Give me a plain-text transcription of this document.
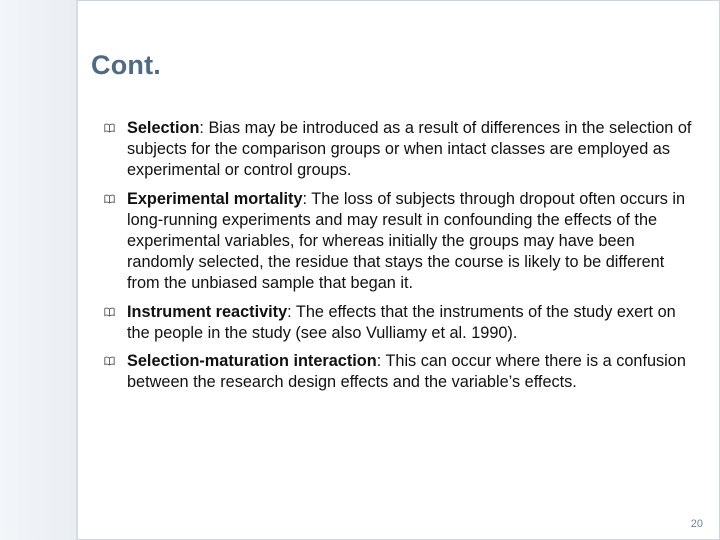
Cont.
Selection: Bias may be introduced as a result of differences in the selection of subjects for the comparison groups or when intact classes are employed as experimental or control groups.
Experimental mortality: The loss of subjects through dropout often occurs in long-running experiments and may result in confounding the effects of the experimental variables, for whereas initially the groups may have been randomly selected, the residue that stays the course is likely to be different from the unbiased sample that began it.
Instrument reactivity: The effects that the instruments of the study exert on the people in the study (see also Vulliamy et al. 1990).
Selection-maturation interaction: This can occur where there is a confusion between the research design effects and the variable’s effects.
20
